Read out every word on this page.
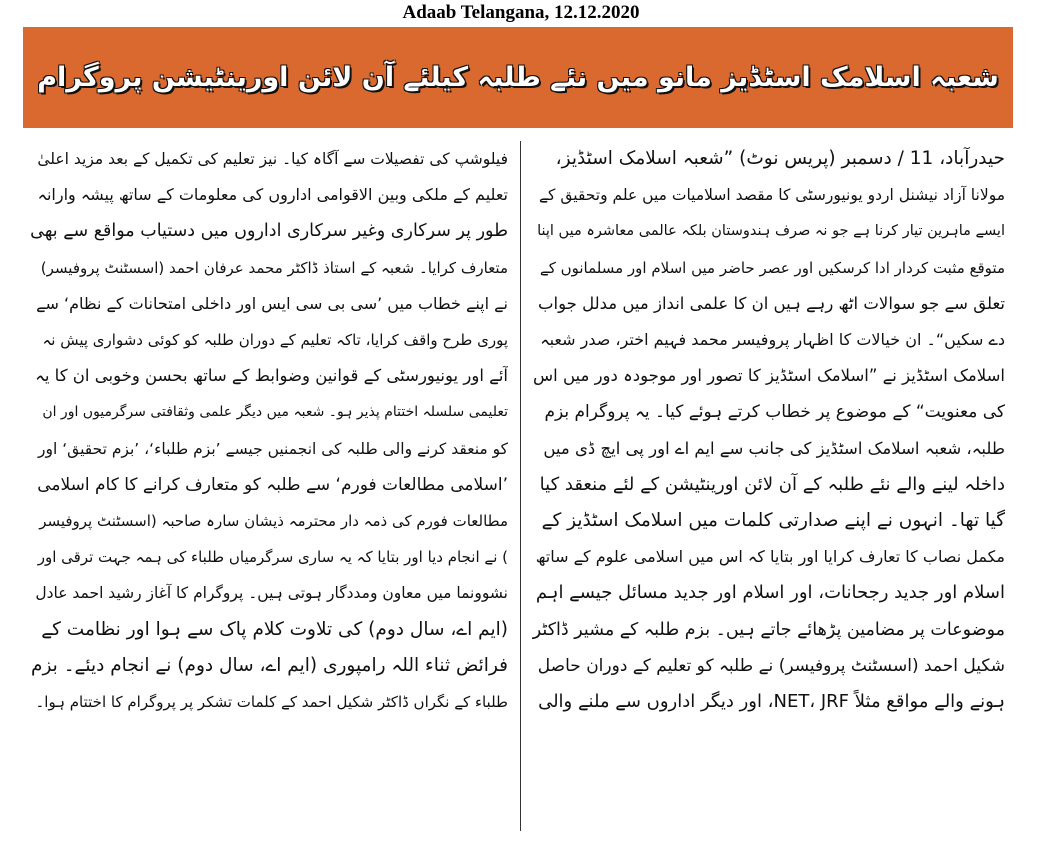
Adaab Telangana, 12.12.2020
شعبہ اسلامک اسٹڈیز مانو میں نئے طلبہ کیلئے آن لائن اورینٹیشن پروگرام
حیدرآباد، 11 / دسمبر (پریس نوٹ) ”شعبہ اسلامک اسٹڈیز،
مولانا آزاد نیشنل اردو یونیورسٹی کا مقصد اسلامیات میں علم وتحقیق کے
ایسے ماہرین تیار کرنا ہے جو نہ صرف ہندوستان بلکہ عالمی معاشرہ میں اپنا
متوقع مثبت کردار ادا کرسکیں اور عصر حاضر میں اسلام اور مسلمانوں کے
تعلق سے جو سوالات اٹھ رہے ہیں ان کا علمی انداز میں مدلل جواب
دے سکیں“۔ ان خیالات کا اظہار پروفیسر محمد فہیم اختر، صدر شعبہ
اسلامک اسٹڈیز نے ”اسلامک اسٹڈیز کا تصور اور موجودہ دور میں اس
کی معنویت“ کے موضوع پر خطاب کرتے ہوئے کیا۔ یہ پروگرام بزم
طلبہ، شعبہ اسلامک اسٹڈیز کی جانب سے ایم اے اور پی ایچ ڈی میں
داخلہ لینے والے نئے طلبہ کے آن لائن اورینٹیشن کے لئے منعقد کیا
گیا تھا۔ انہوں نے اپنے صدارتی کلمات میں اسلامک اسٹڈیز کے
مکمل نصاب کا تعارف کرایا اور بتایا کہ اس میں اسلامی علوم کے ساتھ
اسلام اور جدید رجحانات، اور اسلام اور جدید مسائل جیسے اہم
موضوعات پر مضامین پڑھائے جاتے ہیں۔ بزم طلبہ کے مشیر ڈاکٹر
شکیل احمد (اسسٹنٹ پروفیسر) نے طلبہ کو تعلیم کے دوران حاصل
ہونے والے مواقع مثلاً NET، JRF، اور دیگر اداروں سے ملنے والی
فیلوشپ کی تفصیلات سے آگاہ کیا۔ نیز تعلیم کی تکمیل کے بعد مزید اعلیٰ
تعلیم کے ملکی وبین الاقوامی اداروں کی معلومات کے ساتھ پیشہ وارانہ
طور پر سرکاری وغیر سرکاری اداروں میں دستیاب مواقع سے بھی
متعارف کرایا۔ شعبہ کے استاذ ڈاکٹر محمد عرفان احمد (اسسٹنٹ پروفیسر)
نے اپنے خطاب میں ’سی بی سی ایس اور داخلی امتحانات کے نظام‘ سے
پوری طرح واقف کرایا، تاکہ تعلیم کے دوران طلبہ کو کوئی دشواری پیش نہ
آئے اور یونیورسٹی کے قوانین وضوابط کے ساتھ بحسن وخوبی ان کا یہ
تعلیمی سلسلہ اختتام پذیر ہو۔ شعبہ میں دیگر علمی وثقافتی سرگرمیوں اور ان
کو منعقد کرنے والی طلبہ کی انجمنیں جیسے ’بزم طلباء‘، ’بزم تحقیق‘ اور
’اسلامی مطالعات فورم‘ سے طلبہ کو متعارف کرانے کا کام اسلامی
مطالعات فورم کی ذمہ دار محترمہ ذیشان سارہ صاحبہ (اسسٹنٹ پروفیسر
) نے انجام دیا اور بتایا کہ یہ ساری سرگرمیاں طلباء کی ہمہ جہت ترقی اور
نشوونما میں معاون ومددگار ہوتی ہیں۔ پروگرام کا آغاز رشید احمد عادل
(ایم اے، سال دوم) کی تلاوت کلام پاک سے ہوا اور نظامت کے
فرائض ثناء اللہ رامپوری (ایم اے، سال دوم) نے انجام دیئے۔ بزم
طلباء کے نگراں ڈاکٹر شکیل احمد کے کلمات تشکر پر پروگرام کا اختتام ہوا۔
